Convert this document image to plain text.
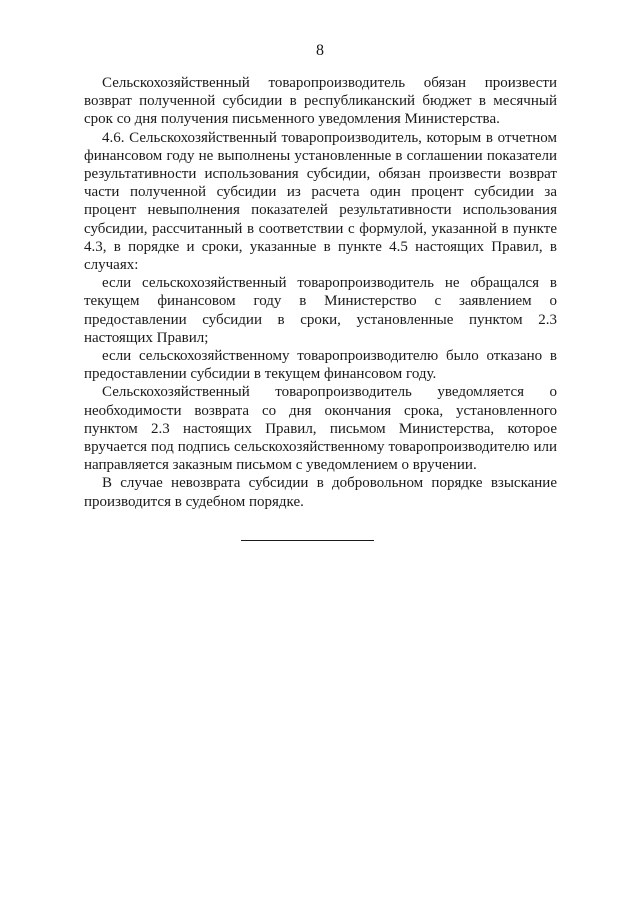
8

Сельскохозяйственный товаропроизводитель обязан произвести возврат полученной субсидии в республиканский бюджет в месячный срок со дня получения письменного уведомления Министерства.

4.6. Сельскохозяйственный товаропроизводитель, которым в отчетном финансовом году не выполнены установленные в соглашении показатели результативности использования субсидии, обязан произвести возврат части полученной субсидии из расчета один процент субсидии за процент невыполнения показателей результативности использования субсидии, рассчитанный в соответствии с формулой, указанной в пункте 4.3, в порядке и сроки, указанные в пункте 4.5 настоящих Правил, в случаях:

если сельскохозяйственный товаропроизводитель не обращался в текущем финансовом году в Министерство с заявлением о предоставлении субсидии в сроки, установленные пунктом 2.3 настоящих Правил;

если сельскохозяйственному товаропроизводителю было отказано в предоставлении субсидии в текущем финансовом году.

Сельскохозяйственный товаропроизводитель уведомляется о необходимости возврата со дня окончания срока, установленного пунктом 2.3 настоящих Правил, письмом Министерства, которое вручается под подпись сельскохозяйственному товаропроизводителю или направляется заказным письмом с уведомлением о вручении.

В случае невозврата субсидии в добровольном порядке взыскание производится в судебном порядке.
